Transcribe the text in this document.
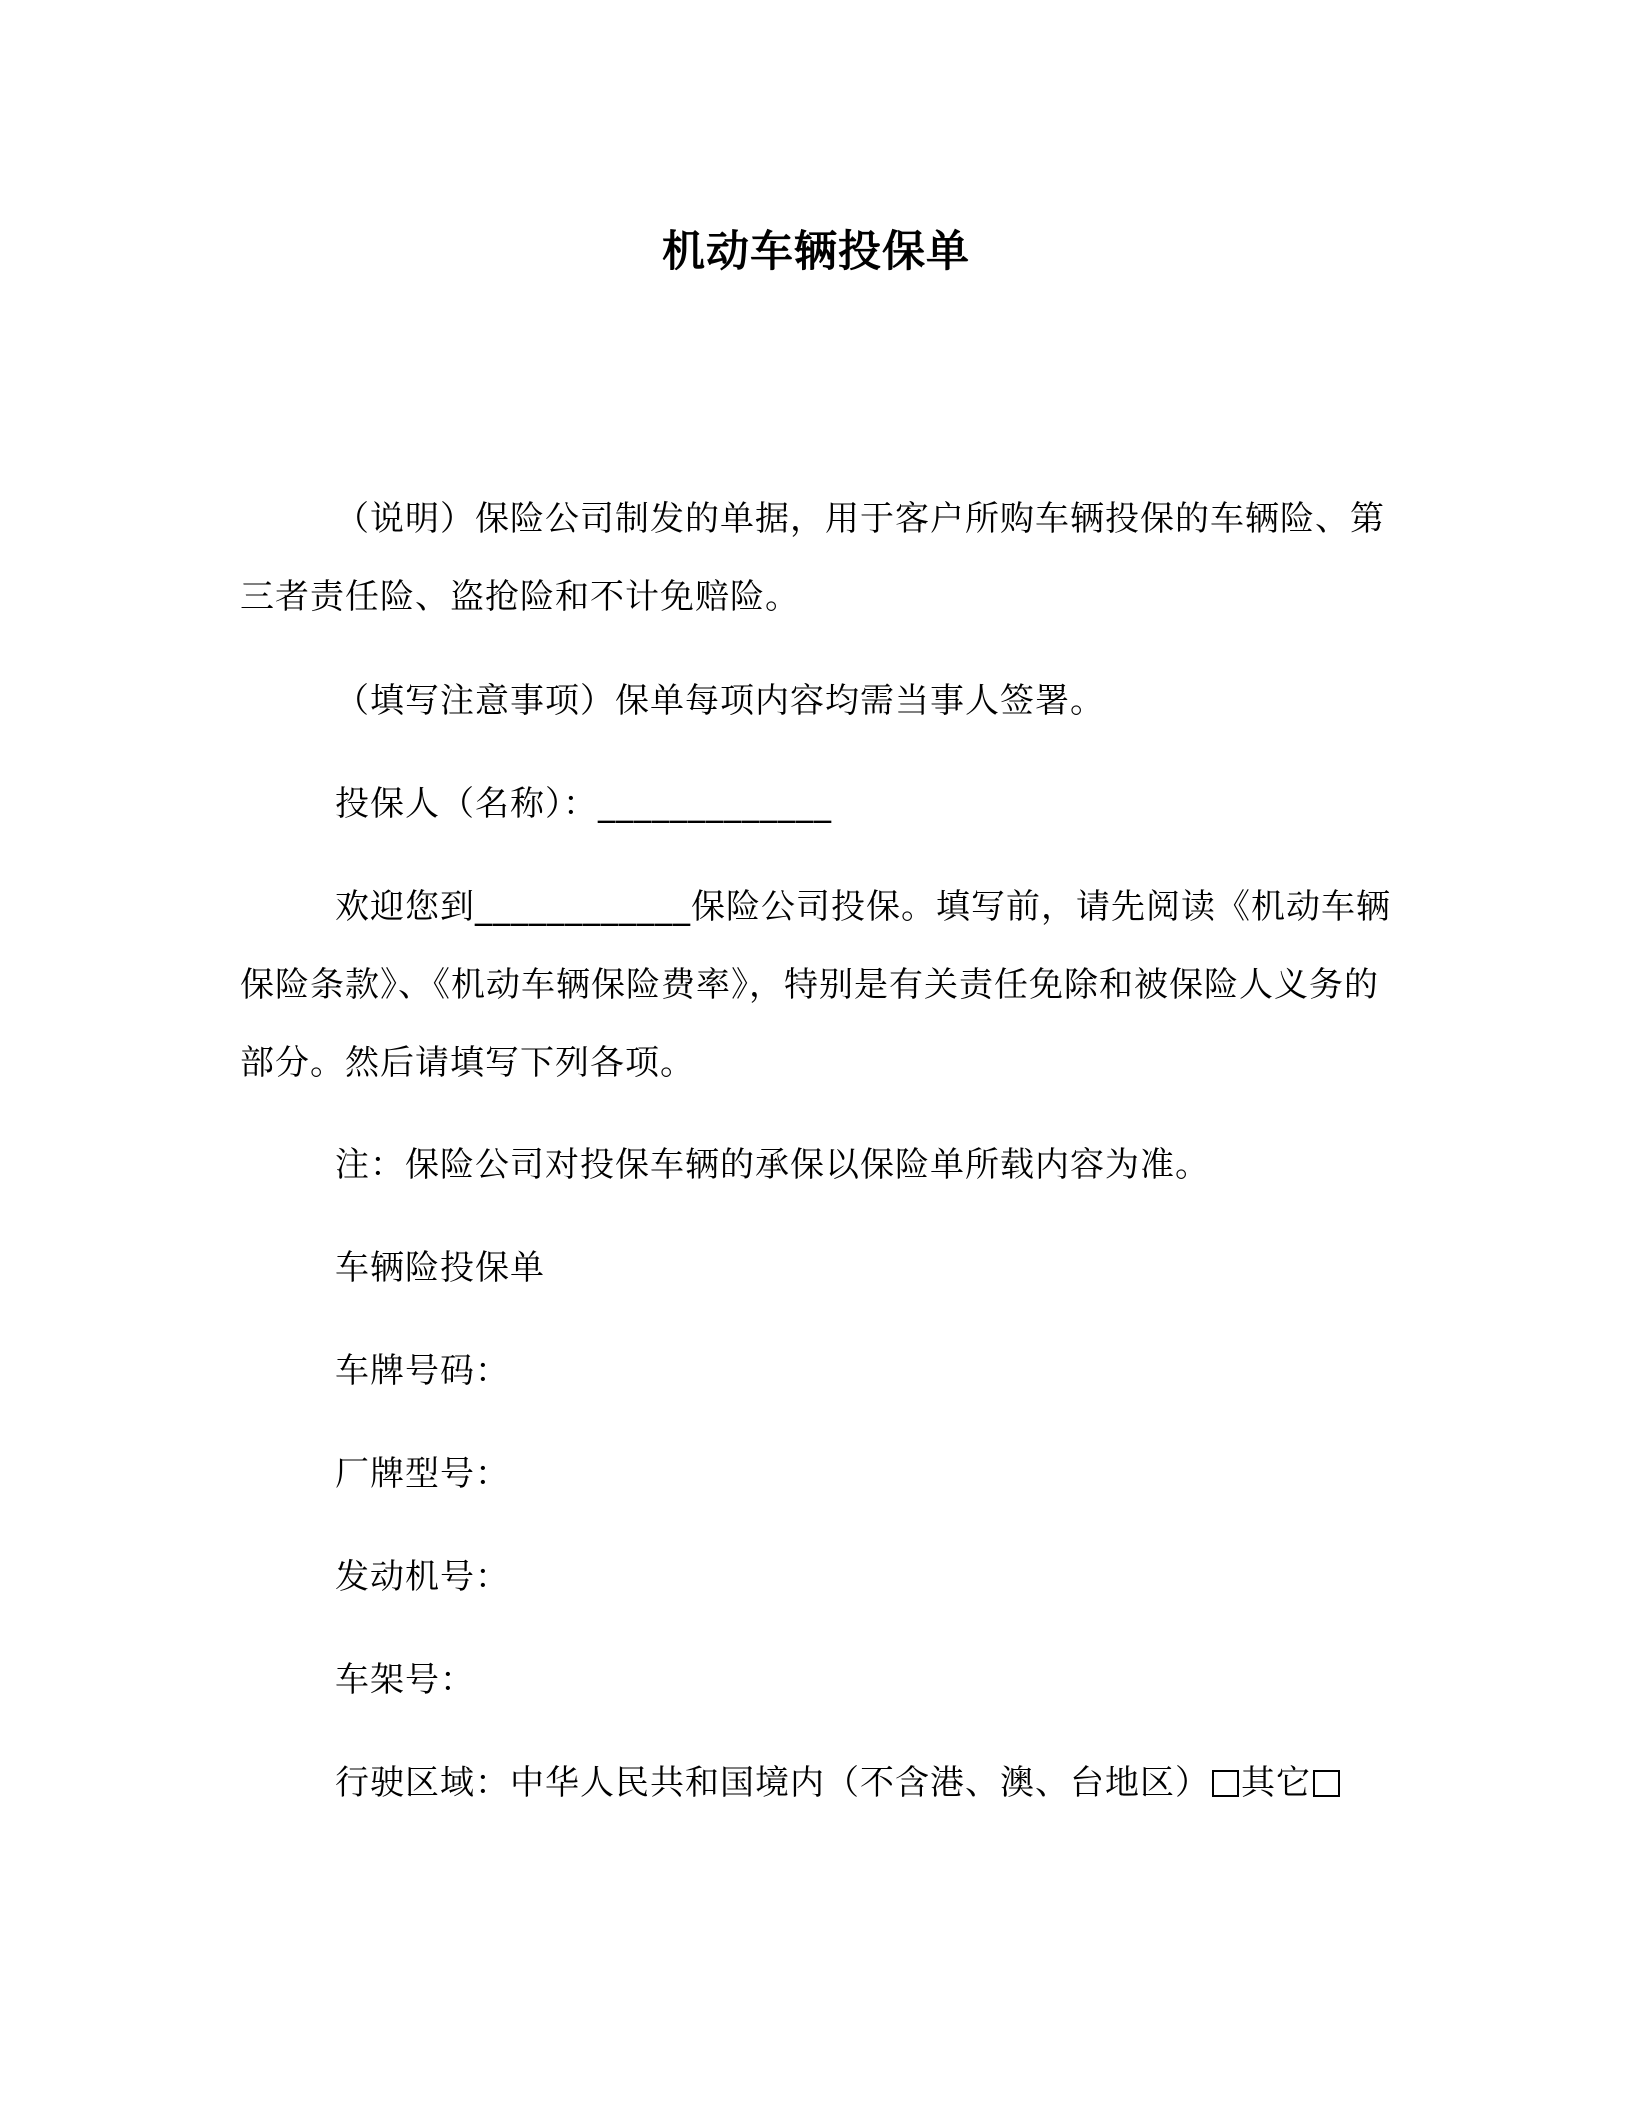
机动车辆投保单

（说明）保险公司制发的单据，用于客户所购车辆投保的车辆险、第三者责任险、盗抢险和不计免赔险。

（填写注意事项）保单每项内容均需当事人签署。

投保人（名称）：_____________

欢迎您到____________保险公司投保。填写前，请先阅读《机动车辆保险条款》、《机动车辆保险费率》，特别是有关责任免除和被保险人义务的部分。然后请填写下列各项。

注：保险公司对投保车辆的承保以保险单所载内容为准。

车辆险投保单

车牌号码：

厂牌型号：

发动机号：

车架号：

行驶区域：中华人民共和国境内（不含港、澳、台地区） 其它
